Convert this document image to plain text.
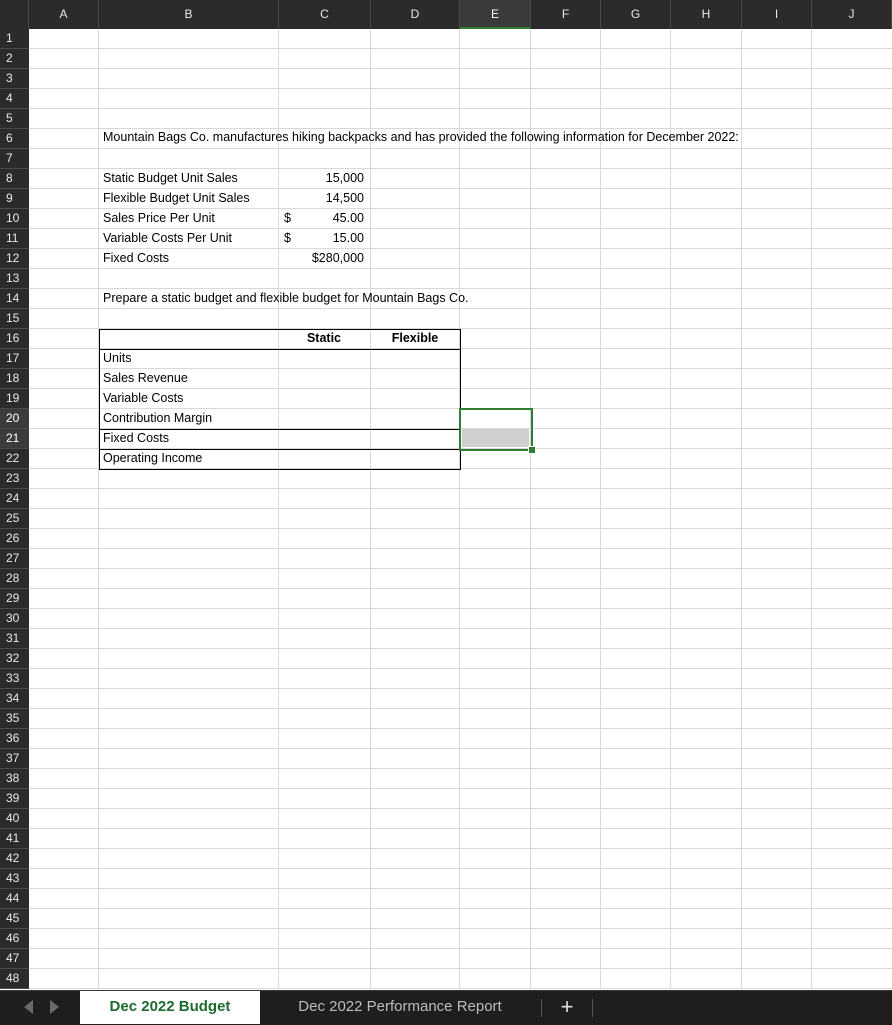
A	B	C	D	E	F	G	H	I	J
1
2
3
4
5
6
7
8
9
10
11
12
13
14
15
16
17
18
19
20
21
22
23
24
25
26
27
28
29
30
31
32
33
34
35
36
37
38
39
40
41
42
43
44
45
46
47
48
Mountain Bags Co. manufactures hiking backpacks and has provided the following information for December 2022:
Static Budget Unit Sales	15,000
Flexible Budget Unit Sales	14,500
Sales Price Per Unit	$	45.00
Variable Costs Per Unit	$	15.00
Fixed Costs	$280,000
Prepare a static budget and flexible budget for Mountain Bags Co.
Static	Flexible
Units
Sales Revenue
Variable Costs
Contribution Margin
Fixed Costs
Operating Income
Dec 2022 Budget	Dec 2022 Performance Report	+
